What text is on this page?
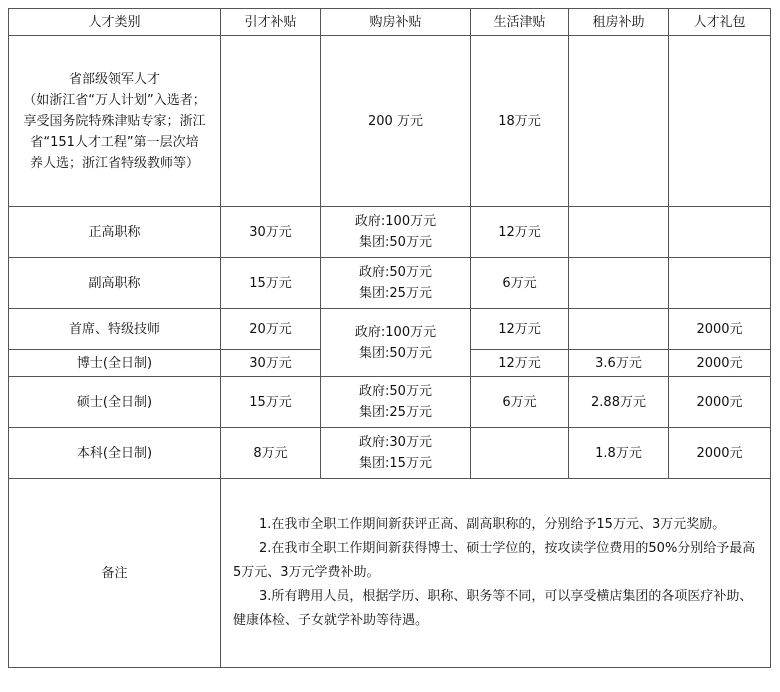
人才类别	引才补贴	购房补贴	生活津贴	租房补助	人才礼包

省部级领军人才
（如浙江省“万人计划”入选者；
享受国务院特殊津贴专家；浙江
省“151人才工程”第一层次培
养人选；浙江省特级教师等）		200 万元	18万元		
正高职称	30万元	政府:100万元
集团:50万元	12万元		
副高职称	15万元	政府:50万元
集团:25万元	6万元		
首席、特级技师	20万元	政府:100万元
集团:50万元	12万元		2000元
博士(全日制)	30万元		12万元	3.6万元	2000元
硕士(全日制)	15万元	政府:50万元
集团:25万元	6万元	2.88万元	2000元
本科(全日制)	8万元	政府:30万元
集团:15万元		1.8万元	2000元
备注	1.在我市全职工作期间新获评正高、副高职称的，分别给予15万元、3万元奖励。

2.在我市全职工作期间新获得博士、硕士学位的，按攻读学位费用的50%分别给予最高5万元、3万元学费补助。

3.所有聘用人员，根据学历、职称、职务等不同，可以享受横店集团的各项医疗补助、健康体检、子女就学补助等待遇。				
